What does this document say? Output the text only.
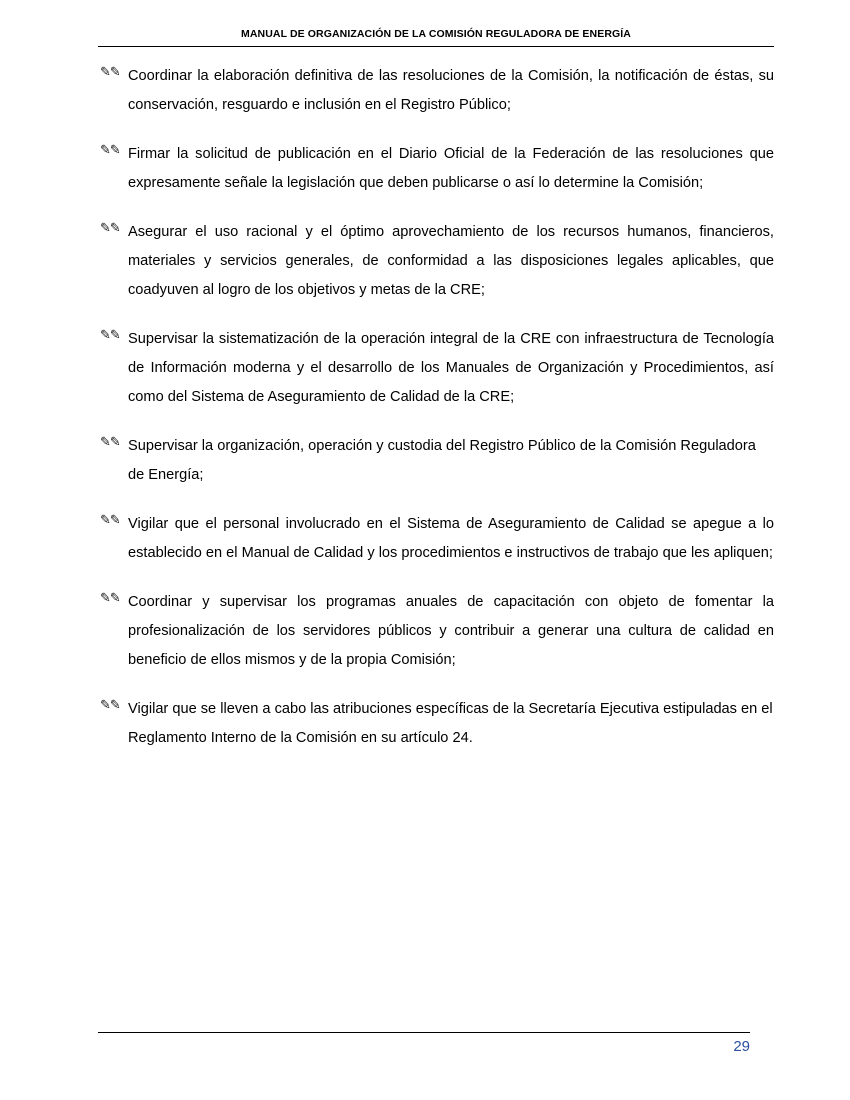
MANUAL DE ORGANIZACIÓN DE LA COMISIÓN REGULADORA DE ENERGÍA
✎✎ Coordinar la elaboración definitiva de las resoluciones de la Comisión, la notificación de éstas, su conservación, resguardo e inclusión en el Registro Público;
✎✎ Firmar la solicitud de publicación en el Diario Oficial de la Federación de las resoluciones que expresamente señale la legislación que deben publicarse o así lo determine la Comisión;
✎✎ Asegurar el uso racional y el óptimo aprovechamiento de los recursos humanos, financieros, materiales y servicios generales, de conformidad a las disposiciones legales aplicables, que coadyuven al logro de los objetivos y metas de la CRE;
✎✎ Supervisar la sistematización de la operación integral de la CRE con infraestructura de Tecnología de Información moderna y el desarrollo de los Manuales de Organización y Procedimientos, así como del Sistema de Aseguramiento de Calidad de la CRE;
✎✎ Supervisar la organización, operación y custodia del Registro Público de la Comisión Reguladora de Energía;
✎✎ Vigilar que el personal involucrado en el Sistema de Aseguramiento de Calidad se apegue a lo establecido en el Manual de Calidad y los procedimientos e instructivos de trabajo que les apliquen;
✎✎ Coordinar y supervisar los programas anuales de capacitación con objeto de fomentar la profesionalización de los servidores públicos y contribuir a generar una cultura de calidad en beneficio de ellos mismos y de la propia Comisión;
✎✎ Vigilar que se lleven a cabo las atribuciones específicas de la Secretaría Ejecutiva estipuladas en el Reglamento Interno de la Comisión en su artículo 24.
29
